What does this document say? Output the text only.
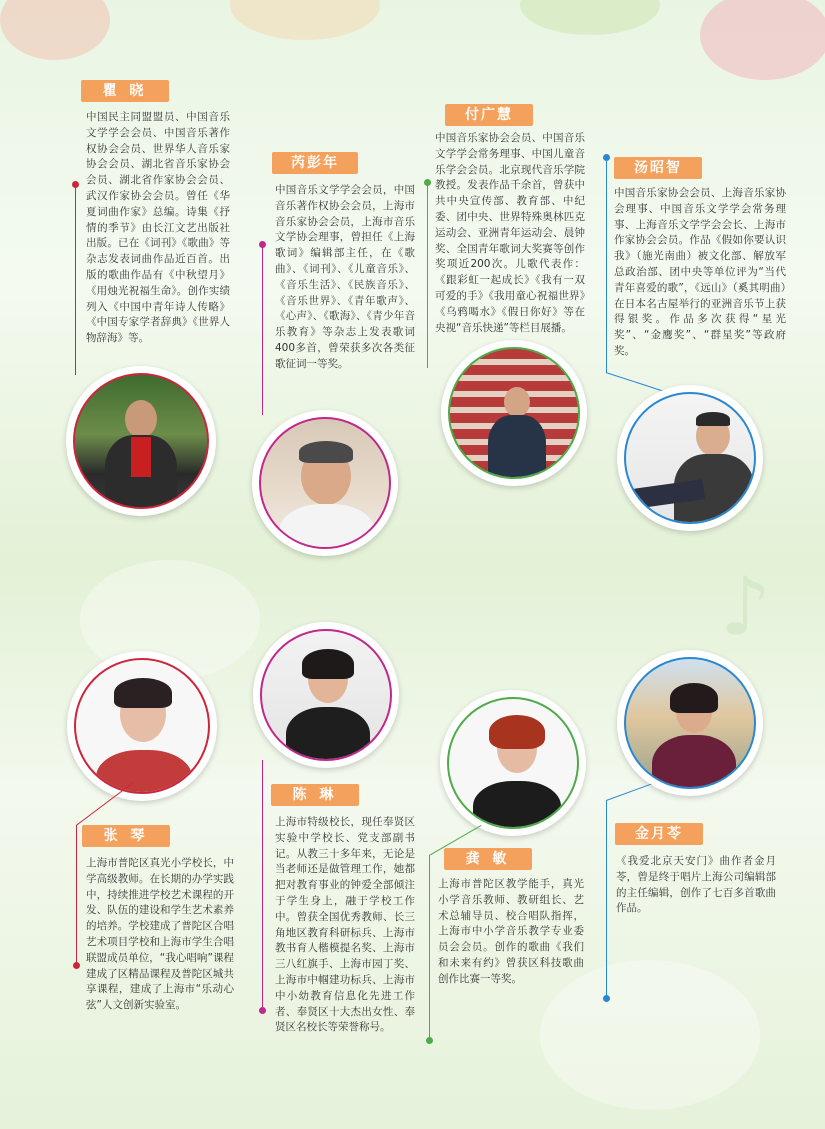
♪
瞿 晓

中国民主同盟盟员、中国音乐文学学会会员、中国音乐著作权协会会员、世界华人音乐家协会会员、湖北省音乐家协会会员、湖北省作家协会会员、武汉作家协会会员。曾任《华夏词曲作家》总编。诗集《抒情的季节》由长江文艺出版社出版。已在《词刊》《歌曲》等杂志发表词曲作品近百首。出版的歌曲作品有《中秋望月》《用烛光祝福生命》。创作实绩列入《中国中青年诗人传略》《中国专家学者辞典》《世界人物辞海》等。

芮彭年

中国音乐文学学会会员，中国音乐著作权协会会员，上海市音乐家协会会员，上海市音乐文学协会理事，曾担任《上海歌词》编辑部主任，在《歌曲》、《词刊》、《儿童音乐》、《音乐生活》、《民族音乐》、《音乐世界》、《青年歌声》、《心声》、《歌海》、《青少年音乐教育》等杂志上发表歌词400多首，曾荣获多次各类征歌征词一等奖。

付广慧

中国音乐家协会会员、中国音乐文学学会常务理事、中国儿童音乐学会会员。北京现代音乐学院教授。发表作品千余首，曾获中共中央宣传部、教育部、中纪委、团中央、世界特殊奥林匹克运动会、亚洲青年运动会、晨钟奖、全国青年歌词大奖赛等创作奖项近200次。儿歌代表作：《跟彩虹一起成长》《我有一双可爱的手》《我用童心祝福世界》《乌鸦喝水》《假日你好》等在央视“音乐快递”等栏目展播。

汤昭智

中国音乐家协会会员、上海音乐家协会理事、中国音乐文学学会常务理事、上海音乐文学学会会长、上海市作家协会会员。作品《假如你要认识我》（施光南曲）被文化部、解放军总政治部、团中央等单位评为“当代青年喜爱的歌”，《远山》（奚其明曲）在日本名古屋举行的亚洲音乐节上获得银奖。作品多次获得“星光奖”、“金鹰奖”、“群星奖”等政府奖。

张 琴

上海市普陀区真光小学校长，中学高级教师。在长期的办学实践中，持续推进学校艺术课程的开发、队伍的建设和学生艺术素养的培养。学校建成了普陀区合唱艺术项目学校和上海市学生合唱联盟成员单位，“我心唱响”课程建成了区精品课程及普陀区城共享课程，建成了上海市“乐动心弦”人文创新实验室。

陈 琳

上海市特级校长，现任奉贤区实验中学校长、党支部副书记。从教三十多年来，无论是当老师还是做管理工作，她都把对教育事业的钟爱全部倾注于学生身上，融于学校工作中。曾获全国优秀教师、长三角地区教育科研标兵、上海市教书育人楷模提名奖、上海市三八红旗手、上海市园丁奖、上海市中帼建功标兵、上海市中小幼教育信息化先进工作者、奉贤区十大杰出女性、奉贤区名校长等荣誉称号。

龚 敏

上海市普陀区教学能手，真光小学音乐教师、教研组长、艺术总辅导员、校合唱队指挥，上海市中小学音乐教学专业委员会会员。创作的歌曲《我们和未来有约》曾获区科技歌曲创作比赛一等奖。

金月苓

《我爱北京天安门》曲作者金月苓，曾是终于唱片上海公司编辑部的主任编辑，创作了七百多首歌曲作品。
